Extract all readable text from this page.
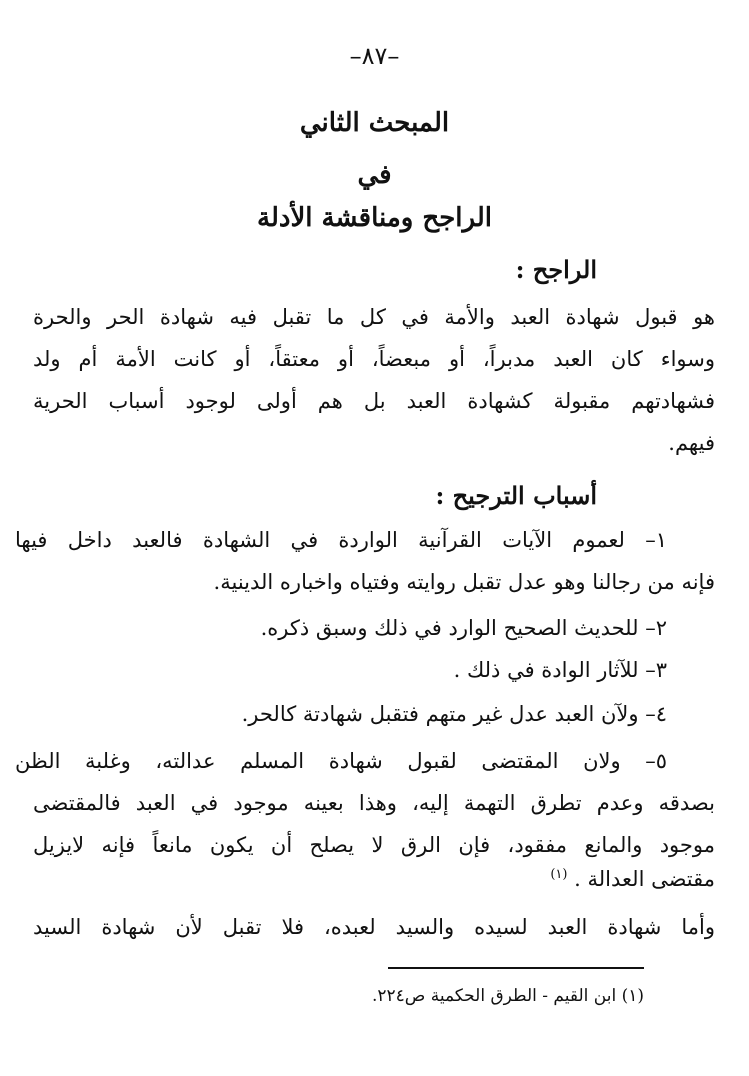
–٨٧–
المبحث الثاني
في
الراجح ومناقشة الأدلة
الراجح :
هو قبول شهادة العبد والأمة في كل ما تقبل فيه شهادة الحر والحرة
وسواء كان العبد مدبراً، أو مبعضاً، أو معتقاً، أو كانت الأمة أم ولد
فشهادتهم مقبولة كشهادة العبد بل هم أولى لوجود أسباب الحرية
فيهم.
أسباب الترجيح :
١– لعموم الآيات القرآنية الواردة في الشهادة فالعبد داخل فيها
فإنه من رجالنا وهو عدل تقبل روايته وفتياه واخباره الدينية.
٢– للحديث الصحيح الوارد في ذلك وسبق ذكره.
٣– للآثار الوادة في ذلك .
٤– ولآن العبد عدل غير متهم فتقبل شهادتة كالحر.
٥– ولان المقتضى لقبول شهادة المسلم عدالته، وغلبة الظن
بصدقه وعدم تطرق التهمة إليه، وهذا بعينه موجود في العبد فالمقتضى
موجود والمانع مفقود، فإن الرق لا يصلح أن يكون مانعاً فإنه لايزيل
مقتضى العدالة . $^{(١)}$
وأما شهادة العبد لسيده والسيد لعبده، فلا تقبل لأن شهادة السيد
(١) ابن القيم - الطرق الحكمية ص٢٢٤.
